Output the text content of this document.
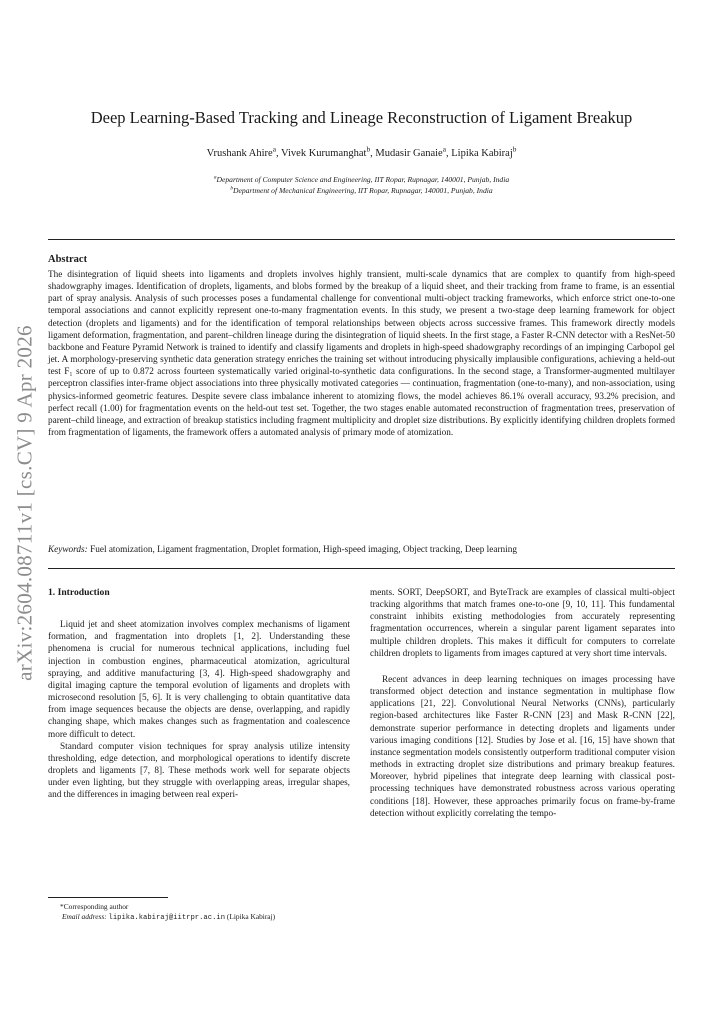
arXiv:2604.08711v1 [cs.CV] 9 Apr 2026
Deep Learning-Based Tracking and Lineage Reconstruction of Ligament Breakup
Vrushank Ahire$^a$, Vivek Kurumanghat$^b$, Mudasir Ganaie$^a$, Lipika Kabiraj$^b$
$^a$Department of Computer Science and Engineering, IIT Ropar, Rupnagar, 140001, Punjab, India
$^b$Department of Mechanical Engineering, IIT Ropar, Rupnagar, 140001, Punjab, India
Abstract

The disintegration of liquid sheets into ligaments and droplets involves highly transient, multi-scale dynamics that are complex to quantify from high-speed shadowgraphy images. Identification of droplets, ligaments, and blobs formed by the breakup of a liquid sheet, and their tracking from frame to frame, is an essential part of spray analysis. Analysis of such processes poses a fundamental challenge for conventional multi-object tracking frameworks, which enforce strict one-to-one temporal associations and cannot explicitly represent one-to-many fragmentation events. In this study, we present a two-stage deep learning framework for object detection (droplets and ligaments) and for the identification of temporal relationships between objects across successive frames. This framework directly models ligament deformation, fragmentation, and parent–children lineage during the disintegration of liquid sheets. In the first stage, a Faster R-CNN detector with a ResNet-50 backbone and Feature Pyramid Network is trained to identify and classify ligaments and droplets in high-speed shadowgraphy recordings of an impinging Carbopol gel jet. A morphology-preserving synthetic data generation strategy enriches the training set without introducing physically implausible configurations, achieving a held-out test F₁ score of up to 0.872 across fourteen systematically varied original-to-synthetic data configurations. In the second stage, a Transformer-augmented multilayer perceptron classifies inter-frame object associations into three physically motivated categories — continuation, fragmentation (one-to-many), and non-association, using physics-informed geometric features. Despite severe class imbalance inherent to atomizing flows, the model achieves 86.1% overall accuracy, 93.2% precision, and perfect recall (1.00) for fragmentation events on the held-out test set. Together, the two stages enable automated reconstruction of fragmentation trees, preservation of parent–child lineage, and extraction of breakup statistics including fragment multiplicity and droplet size distributions. By explicitly identifying children droplets formed from fragmentation of ligaments, the framework offers a automated analysis of primary mode of atomization.

Keywords: Fuel atomization, Ligament fragmentation, Droplet formation, High-speed imaging, Object tracking, Deep learning

1. Introduction

Liquid jet and sheet atomization involves complex mechanisms of ligament formation, and fragmentation into droplets [1, 2]. Understanding these phenomena is crucial for numerous technical applications, including fuel injection in combustion engines, pharmaceutical atomization, agricultural spraying, and additive manufacturing [3, 4]. High-speed shadowgraphy and digital imaging capture the temporal evolution of ligaments and droplets with microsecond resolution [5, 6]. It is very challenging to obtain quantitative data from image sequences because the objects are dense, overlapping, and rapidly changing shape, which makes changes such as fragmentation and coalescence more difficult to detect.

Standard computer vision techniques for spray analysis utilize intensity thresholding, edge detection, and morphological operations to identify discrete droplets and ligaments [7, 8]. These methods work well for separate objects under even lighting, but they struggle with overlapping areas, irregular shapes, and the differences in imaging between real experi-

ments. SORT, DeepSORT, and ByteTrack are examples of classical multi-object tracking algorithms that match frames one-to-one [9, 10, 11]. This fundamental constraint inhibits existing methodologies from accurately representing fragmentation occurrences, wherein a singular parent ligament separates into multiple children droplets. This makes it difficult for computers to correlate children droplets to ligaments from images captured at very short time intervals.

Recent advances in deep learning techniques on images processing have transformed object detection and instance segmentation in multiphase flow applications [21, 22]. Convolutional Neural Networks (CNNs), particularly region-based architectures like Faster R-CNN [23] and Mask R-CNN [22], demonstrate superior performance in detecting droplets and ligaments under various imaging conditions [12]. Studies by Jose et al. [16, 15] have shown that instance segmentation models consistently outperform traditional computer vision methods in extracting droplet size distributions and primary breakup features. Moreover, hybrid pipelines that integrate deep learning with classical post-processing techniques have demonstrated robustness across various operating conditions [18]. However, these approaches primarily focus on frame-by-frame detection without explicitly correlating the tempo-

*Corresponding author
Email address: lipika.kabiraj@iitrpr.ac.in (Lipika Kabiraj)
